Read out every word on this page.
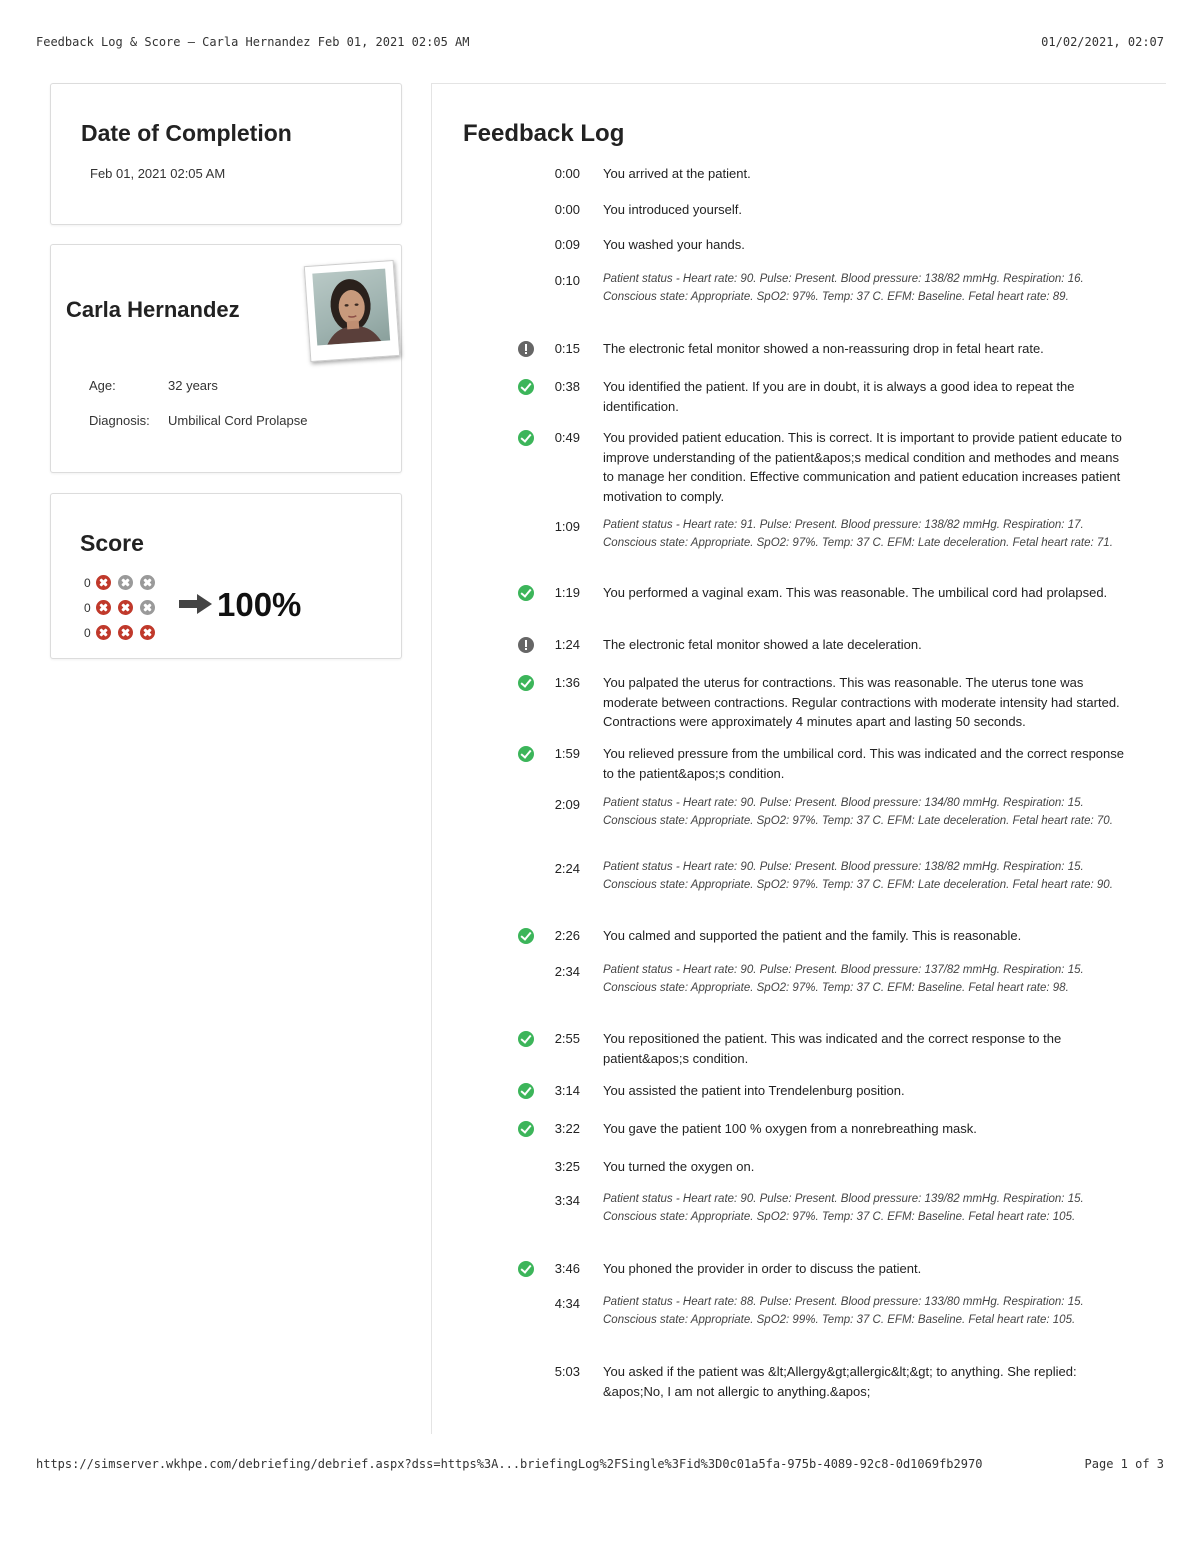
Feedback Log & Score — Carla Hernandez Feb 01, 2021 02:05 AM	01/02/2021, 02:07
Date of Completion
Feb 01, 2021 02:05 AM
Carla Hernandez
Age:	32 years
Diagnosis:	Umbilical Cord Prolapse
Score
0
0
0
100%
Feedback Log
0:00 You arrived at the patient.
0:00 You introduced yourself.
0:09 You washed your hands.
0:10 Patient status - Heart rate: 90. Pulse: Present. Blood pressure: 138/82 mmHg. Respiration: 16. Conscious state: Appropriate. SpO2: 97%. Temp: 37 C. EFM: Baseline. Fetal heart rate: 89.
0:15 The electronic fetal monitor showed a non-reassuring drop in fetal heart rate.
0:38 You identified the patient. If you are in doubt, it is always a good idea to repeat the identification.
0:49 You provided patient education. This is correct. It is important to provide patient educate to improve understanding of the patient&apos;s medical condition and methodes and means to manage her condition. Effective communication and patient education increases patient motivation to comply.
1:09 Patient status - Heart rate: 91. Pulse: Present. Blood pressure: 138/82 mmHg. Respiration: 17. Conscious state: Appropriate. SpO2: 97%. Temp: 37 C. EFM: Late deceleration. Fetal heart rate: 71.
1:19 You performed a vaginal exam. This was reasonable. The umbilical cord had prolapsed.
1:24 The electronic fetal monitor showed a late deceleration.
1:36 You palpated the uterus for contractions. This was reasonable. The uterus tone was moderate between contractions. Regular contractions with moderate intensity had started. Contractions were approximately 4 minutes apart and lasting 50 seconds.
1:59 You relieved pressure from the umbilical cord. This was indicated and the correct response to the patient&apos;s condition.
2:09 Patient status - Heart rate: 90. Pulse: Present. Blood pressure: 134/80 mmHg. Respiration: 15. Conscious state: Appropriate. SpO2: 97%. Temp: 37 C. EFM: Late deceleration. Fetal heart rate: 70.
2:24 Patient status - Heart rate: 90. Pulse: Present. Blood pressure: 138/82 mmHg. Respiration: 15. Conscious state: Appropriate. SpO2: 97%. Temp: 37 C. EFM: Late deceleration. Fetal heart rate: 90.
2:26 You calmed and supported the patient and the family. This is reasonable.
2:34 Patient status - Heart rate: 90. Pulse: Present. Blood pressure: 137/82 mmHg. Respiration: 15. Conscious state: Appropriate. SpO2: 97%. Temp: 37 C. EFM: Baseline. Fetal heart rate: 98.
2:55 You repositioned the patient. This was indicated and the correct response to the patient&apos;s condition.
3:14 You assisted the patient into Trendelenburg position.
3:22 You gave the patient 100 % oxygen from a nonrebreathing mask.
3:25 You turned the oxygen on.
3:34 Patient status - Heart rate: 90. Pulse: Present. Blood pressure: 139/82 mmHg. Respiration: 15. Conscious state: Appropriate. SpO2: 97%. Temp: 37 C. EFM: Baseline. Fetal heart rate: 105.
3:46 You phoned the provider in order to discuss the patient.
4:34 Patient status - Heart rate: 88. Pulse: Present. Blood pressure: 133/80 mmHg. Respiration: 15. Conscious state: Appropriate. SpO2: 99%. Temp: 37 C. EFM: Baseline. Fetal heart rate: 105.
5:03 You asked if the patient was &lt;Allergy&gt;allergic&lt;&gt; to anything. She replied: &apos;No, I am not allergic to anything.&apos;
https://simserver.wkhpe.com/debriefing/debrief.aspx?dss=https%3A...briefingLog%2FSingle%3Fid%3D0c01a5fa-975b-4089-92c8-0d1069fb2970	Page 1 of 3
